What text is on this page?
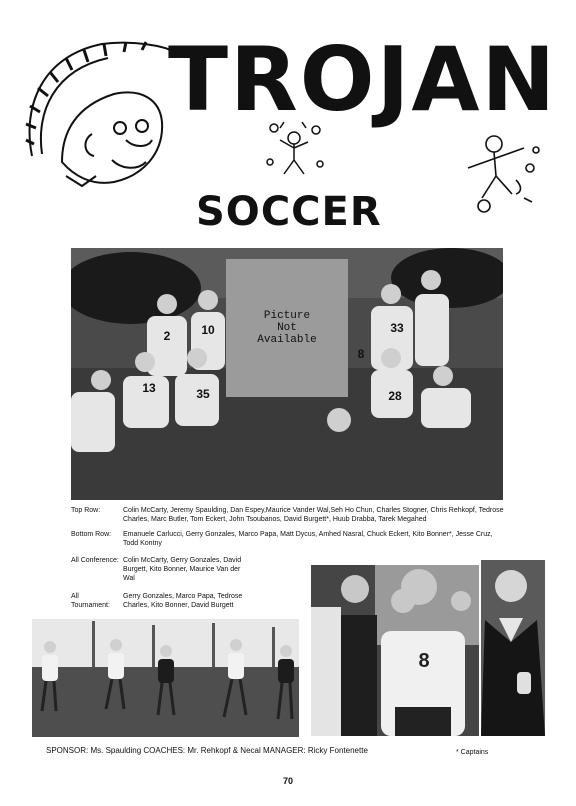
TROJAN
SOCCER
2	10	33
8
13	35	28
Picture
Not
Available
Top Row:	Colin McCarty, Jeremy Spaulding, Dan Espey,Maurice Vander Wal,Seh Ho Chun, Charles Stogner, Chris Rehkopf, Tedrose
Charles, Marc Butler, Tom Eckert, John Tsoubanos, David Burgett*, Huub Drabba, Tarek Megahed
Bottom Row:	Emanuele Carlucci, Gerry Gonzales, Marco Papa, Matt Dycus, Amhed Nasral, Chuck Eckert, Kito Bonner*, Jesse Cruz,
Todd Kontny
All Conference: Colin McCarty, Gerry Gonzales, David
Burgett, Kito Bonner, Maurice Van der
Wal
All Tournament:
Gerry Gonzales, Marco Papa, Tedrose
Charles, Kito Bonner, David Burgett
8
SPONSOR: Ms. Spaulding COACHES: Mr. Rehkopf & Necal MANAGER: Ricky Fontenette	* Captains
70
